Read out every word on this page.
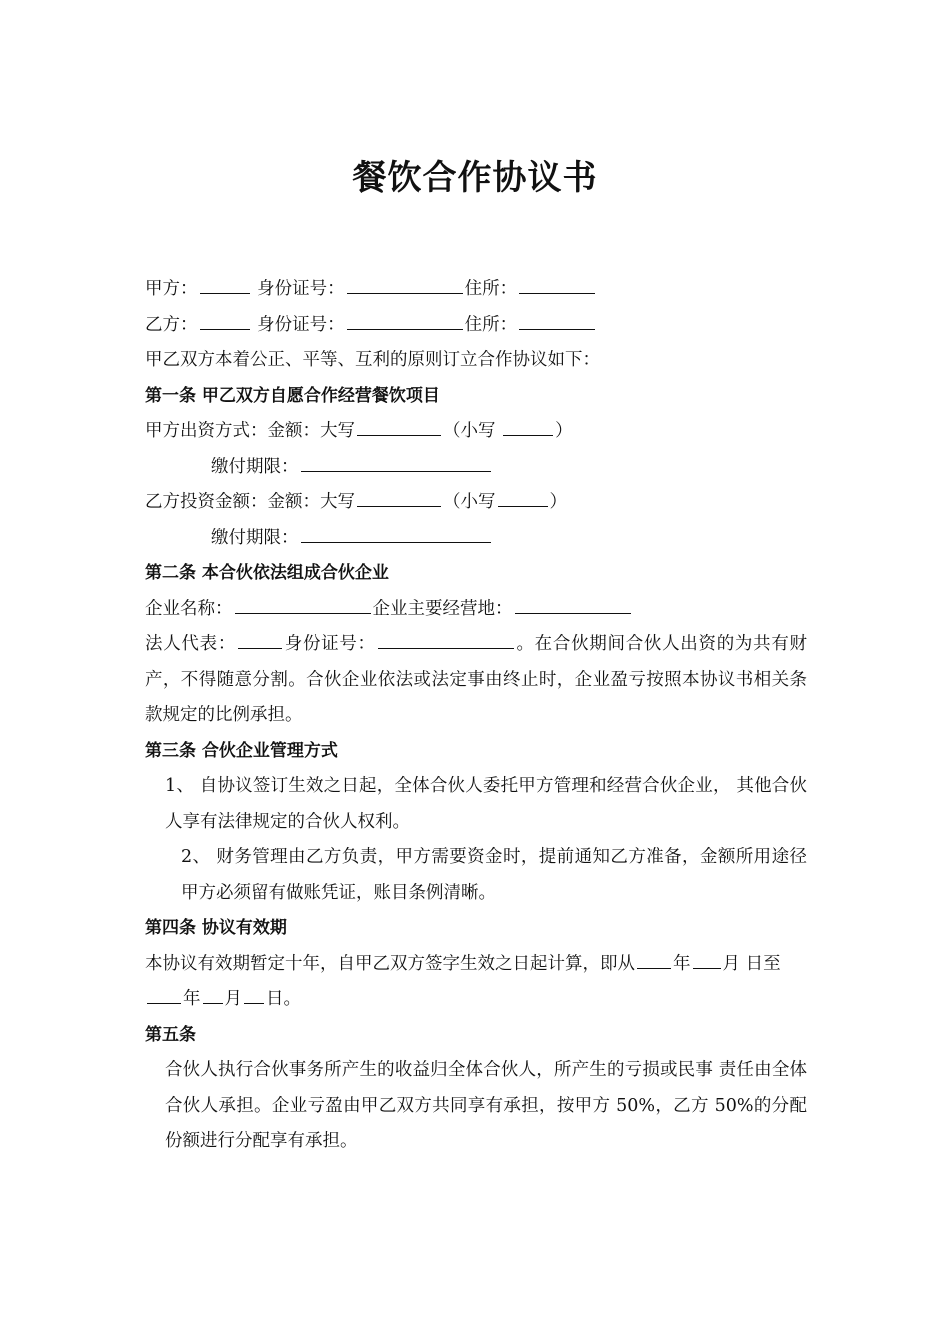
餐饮合作协议书
甲方：	身份证号：	住所：
乙方：	身份证号：	住所：
甲乙双方本着公正、平等、互利的原则订立合作协议如下：
第一条 甲乙双方自愿合作经营餐饮项目
甲方出资方式：金额：大写	（小写	）
缴付期限：
乙方投资金额：金额：大写	（小写	）
缴付期限：
第二条 本合伙依法组成合伙企业
企业名称：	企业主要经营地：
法人代表：	身份证号：	。在合伙期间合伙人出资的为共有财产，不得随意分割。合伙企业依法或法定事由终止时，企业盈亏按照本协议书相关条款规定的比例承担。
第三条 合伙企业管理方式
1、 自协议签订生效之日起，全体合伙人委托甲方管理和经营合伙企业， 其他合伙人享有法律规定的合伙人权利。
2、 财务管理由乙方负责，甲方需要资金时，提前通知乙方准备，金额所用途径甲方必须留有做账凭证，账目条例清晰。
第四条 协议有效期
本协议有效期暂定十年，自甲乙双方签字生效之日起计算，即从 年 月 日至
年 月 日。
第五条
合伙人执行合伙事务所产生的收益归全体合伙人，所产生的亏损或民事 责任由全体合伙人承担。企业亏盈由甲乙双方共同享有承担，按甲方 50%，乙方 50%的分配份额进行分配享有承担。
